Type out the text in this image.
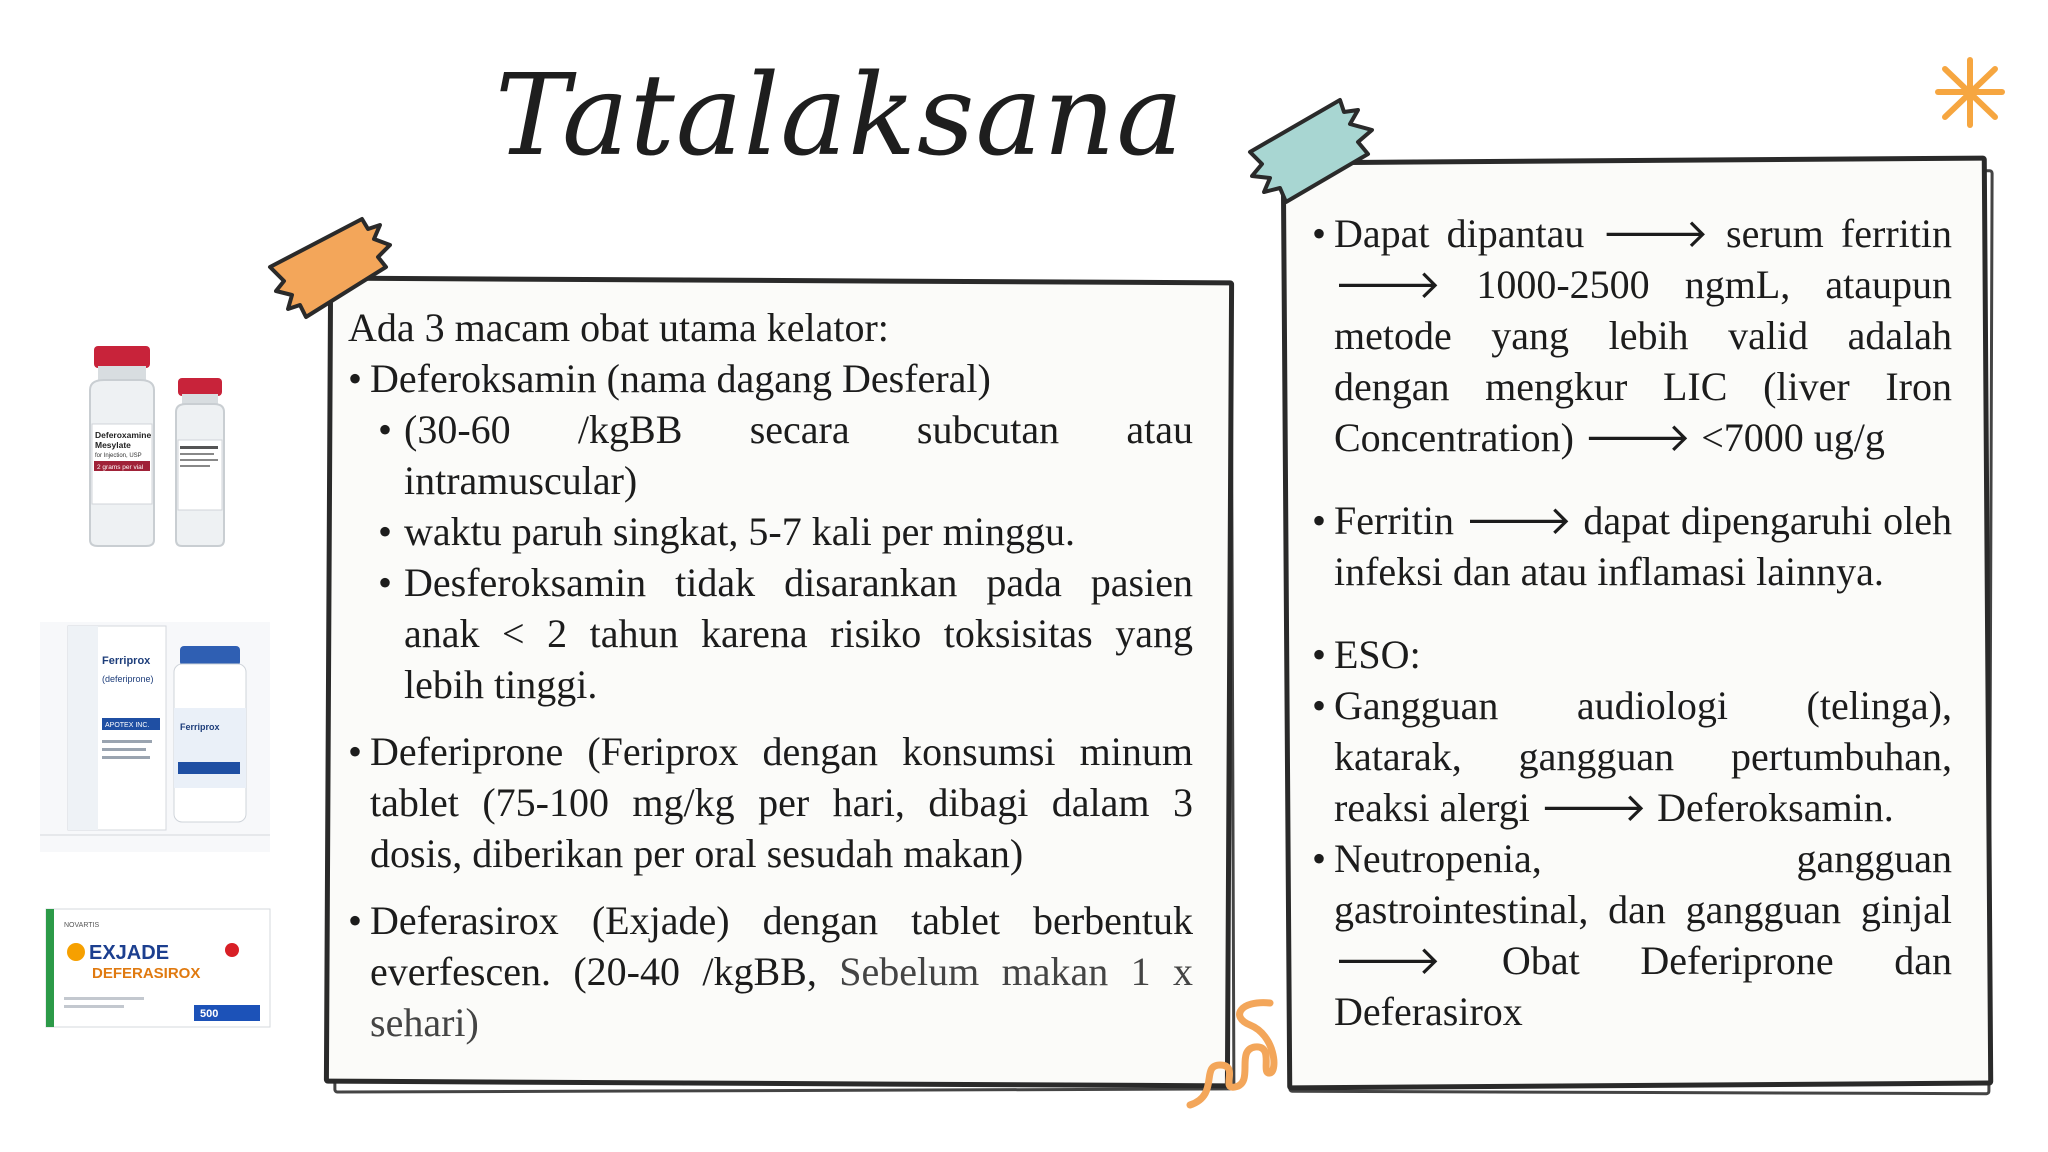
Tatalaksana

Ada 3 macam obat utama kelator:

• Deferoksamin (nama dagang Desferal)
• (30-60 /kgBB secara subcutan atau intramuscular)
• waktu paruh singkat, 5-7 kali per minggu.
• Desferoksamin tidak disarankan pada pasien anak < 2 tahun karena risiko toksisitas yang lebih tinggi.
• Deferiprone (Feriprox dengan konsumsi minum tablet (75-100 mg/kg per hari, dibagi dalam 3 dosis, diberikan per oral sesudah makan)
• Deferasirox (Exjade) dengan tablet berbentuk everfescen. (20-40 /kgBB, Sebelum makan 1 x sehari)
• Dapat dipantau 🡒 serum ferritin 🡒 1000-2500 ngmL, ataupun metode yang lebih valid adalah dengan mengkur LIC (liver Iron Concentration) 🡒 <7000 ug/g
• Ferritin 🡒 dapat dipengaruhi oleh infeksi dan atau inflamasi lainnya.
• ESO:
• Gangguan audiologi (telinga), katarak, gangguan pertumbuhan, reaksi alergi 🡒 Deferoksamin.
• Neutropenia, gangguan gastrointestinal, dan gangguan ginjal 🡒 Obat Deferiprone dan Deferasirox
Deferoxamine
Mesylate
for Injection, USP
2 grams per vial
Ferriprox
(deferiprone)
APOTEX INC.	Ferriprox
NOVARTIS
EXJADE
DEFERASIROX
500
